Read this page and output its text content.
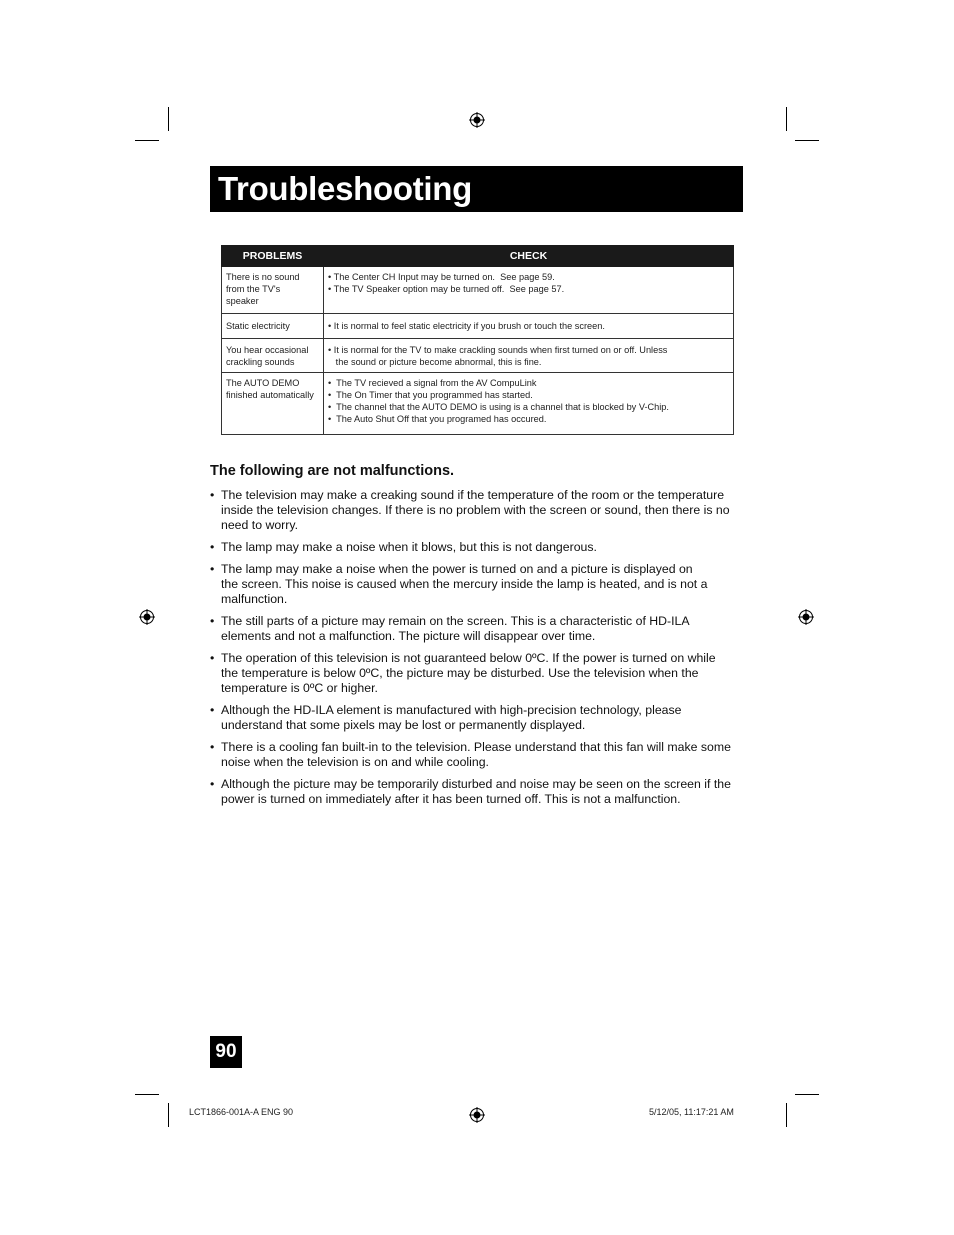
Troubleshooting
PROBLEMS	CHECK

There is no sound
from the TV's
speaker	• The Center CH Input may be turned on.  See page 59.
• The TV Speaker option may be turned off.  See page 57.

Static electricity	• It is normal to feel static electricity if you brush or touch the screen.

You hear occasional
crackling sounds	• It is normal for the TV to make crackling sounds when first turned on or off. Unless
the sound or picture become abnormal, this is fine.

The AUTO DEMO
finished automatically	•  The TV recieved a signal from the AV CompuLink
•  The On Timer that you programmed has started.
•  The channel that the AUTO DEMO is using is a channel that is blocked by V-Chip.
•  The Auto Shut Off that you programed has occured.
The following are not malfunctions.
• The television may make a creaking sound if the temperature of the room or the temperature
inside the television changes. If there is no problem with the screen or sound, then there is no
need to worry.
• The lamp may make a noise when it blows, but this is not dangerous.
• The lamp may make a noise when the power is turned on and a picture is displayed on
the screen. This noise is caused when the mercury inside the lamp is heated, and is not a
malfunction.
• The still parts of a picture may remain on the screen. This is a characteristic of HD-ILA
elements and not a malfunction. The picture will disappear over time.
• The operation of this television is not guaranteed below 0ºC. If the power is turned on while
the temperature is below 0ºC, the picture may be disturbed. Use the television when the
temperature is 0ºC or higher.
• Although the HD-ILA element is manufactured with high-precision technology, please
understand that some pixels may be lost or permanently displayed.
• There is a cooling fan built-in to the television. Please understand that this fan will make some
noise when the television is on and while cooling.
• Although the picture may be temporarily disturbed and noise may be seen on the screen if the
power is turned on immediately after it has been turned off. This is not a malfunction.
90
LCT1866-001A-A ENG 90	5/12/05, 11:17:21 AM
